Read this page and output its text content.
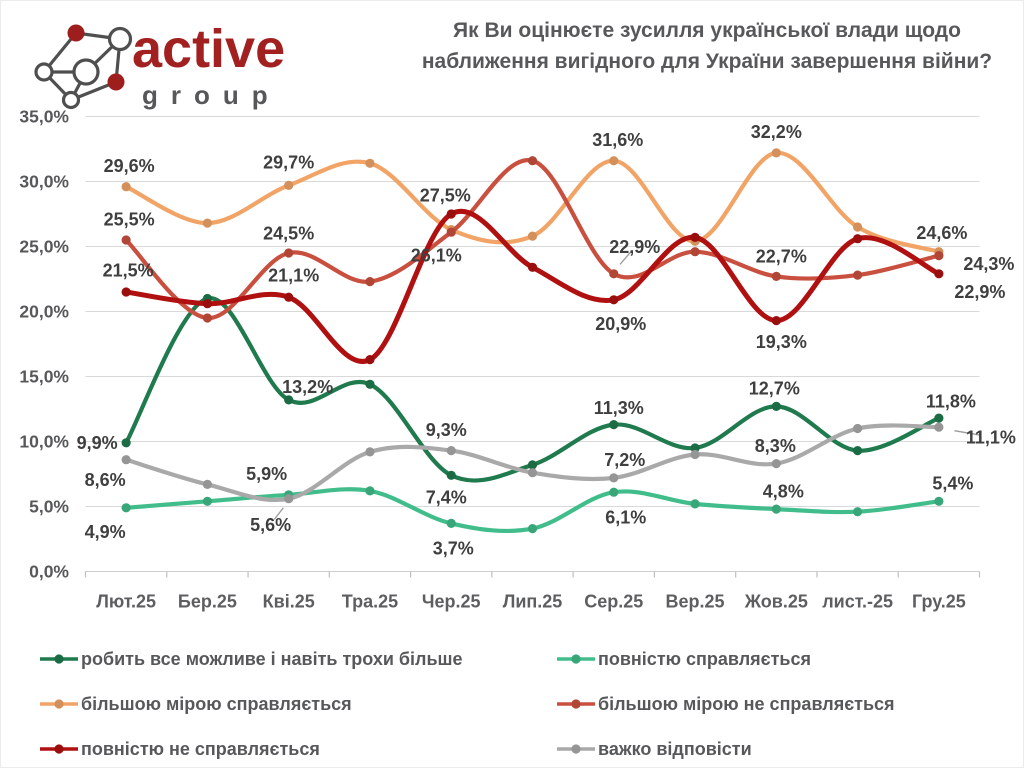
active
group
Як Ви оцінюєте зусилля української влади щодо
наближення вигідного для України завершення війни?
0,0%
5,0%
10,0%
15,0%
20,0%
25,0%
30,0%
35,0%
Лют.25 Бер.25 Кві.25 Тра.25 Чер.25 Лип.25 Сер.25 Вер.25 Жов.25 лист.-25 Гру.25
29,6%
25,5%
21,5%
9,9%
8,6%
4,9%
29,7%
24,5%
21,1%
13,2%
5,9%
5,6%
27,5%
26,1%
9,3%
7,4%
3,7%
31,6%
22,9%
20,9%
11,3%
7,2%
6,1%
32,2%
22,7%
19,3%
12,7%
8,3%
4,8%
24,6%
24,3%
22,9%
11,8%
11,1%
5,4%
робить все можливе і навіть трохи більше	повністю справляється
більшою мірою справляється	більшою мірою не справляється
повністю не справляється	важко відповісти
